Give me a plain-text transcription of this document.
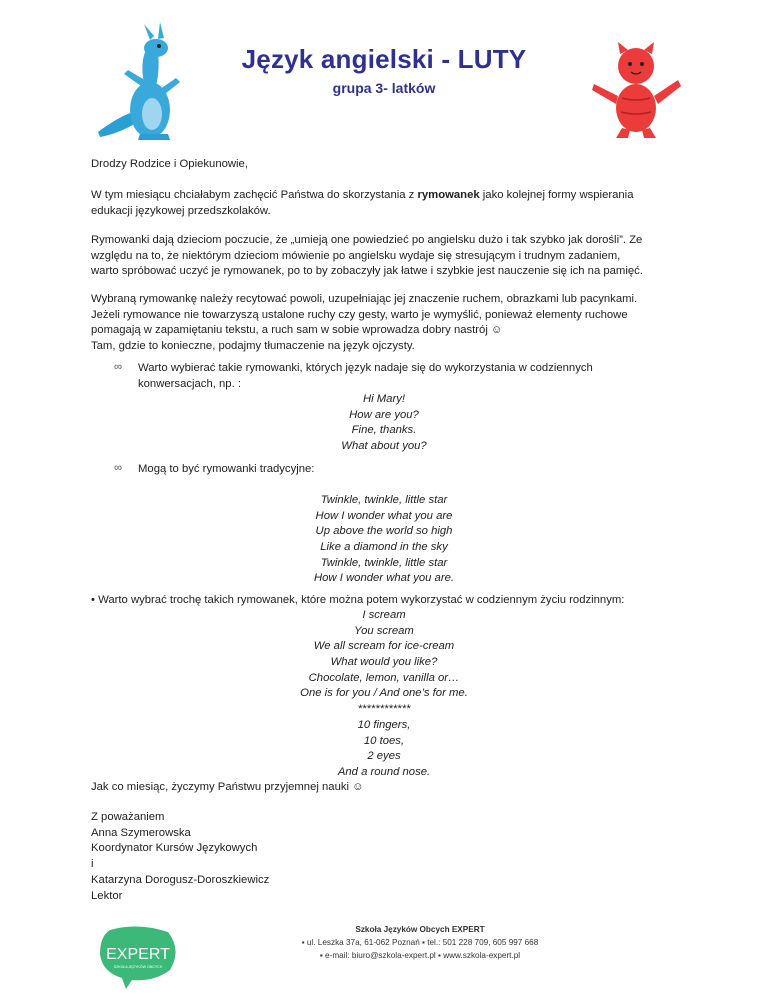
Język angielski - LUTY
grupa 3- latków
Drodzy Rodzice i Opiekunowie,
W tym miesiącu chciałabym zachęcić Państwa do skorzystania z rymowanek jako kolejnej formy wspierania
edukacji językowej przedszkolaków.
Rymowanki dają dzieciom poczucie, że „umieją one powiedzieć po angielsku dużo i tak szybko jak dorośli”. Ze
względu na to, że niektórym dzieciom mówienie po angielsku wydaje się stresującym i trudnym zadaniem,
warto spróbować uczyć je rymowanek, po to by zobaczyły jak łatwe i szybkie jest nauczenie się ich na pamięć.
Wybraną rymowankę należy recytować powoli, uzupełniając jej znaczenie ruchem, obrazkami lub pacynkami.
Jeżeli rymowance nie towarzyszą ustalone ruchy czy gesty, warto je wymyślić, ponieważ elementy ruchowe
pomagają w zapamiętaniu tekstu, a ruch sam w sobie wprowadza dobry nastrój ☺
Tam, gdzie to konieczne, podajmy tłumaczenie na język ojczysty.
∞ Warto wybierać takie rymowanki, których język nadaje się do wykorzystania w codziennych
konwersacjach, np. :
Hi Mary!
How are you?
Fine, thanks.
What about you?
∞ Mogą to być rymowanki tradycyjne:
Twinkle, twinkle, little star
How I wonder what you are
Up above the world so high
Like a diamond in the sky
Twinkle, twinkle, little star
How I wonder what you are.
• Warto wybrać trochę takich rymowanek, które można potem wykorzystać w codziennym życiu rodzinnym:
I scream
You scream
We all scream for ice-cream
What would you like?
Chocolate, lemon, vanilla or…
One is for you / And one’s for me.
************
10 fingers,
10 toes,
2 eyes
And a round nose.
Jak co miesiąc, życzymy Państwu przyjemnej nauki ☺
Z poważaniem
Anna Szymerowska
Koordynator Kursów Językowych
i
Katarzyna Dorogusz-Doroszkiewicz
Lektor
EXPERT
SZKOŁA JĘZYKÓW OBCYCH
Szkoła Języków Obcych EXPERT
▪ ul. Leszka 37a, 61-062 Poznań ▪ tel.: 501 228 709, 605 997 668
▪ e-mail: biuro@szkola-expert.pl ▪ www.szkola-expert.pl
